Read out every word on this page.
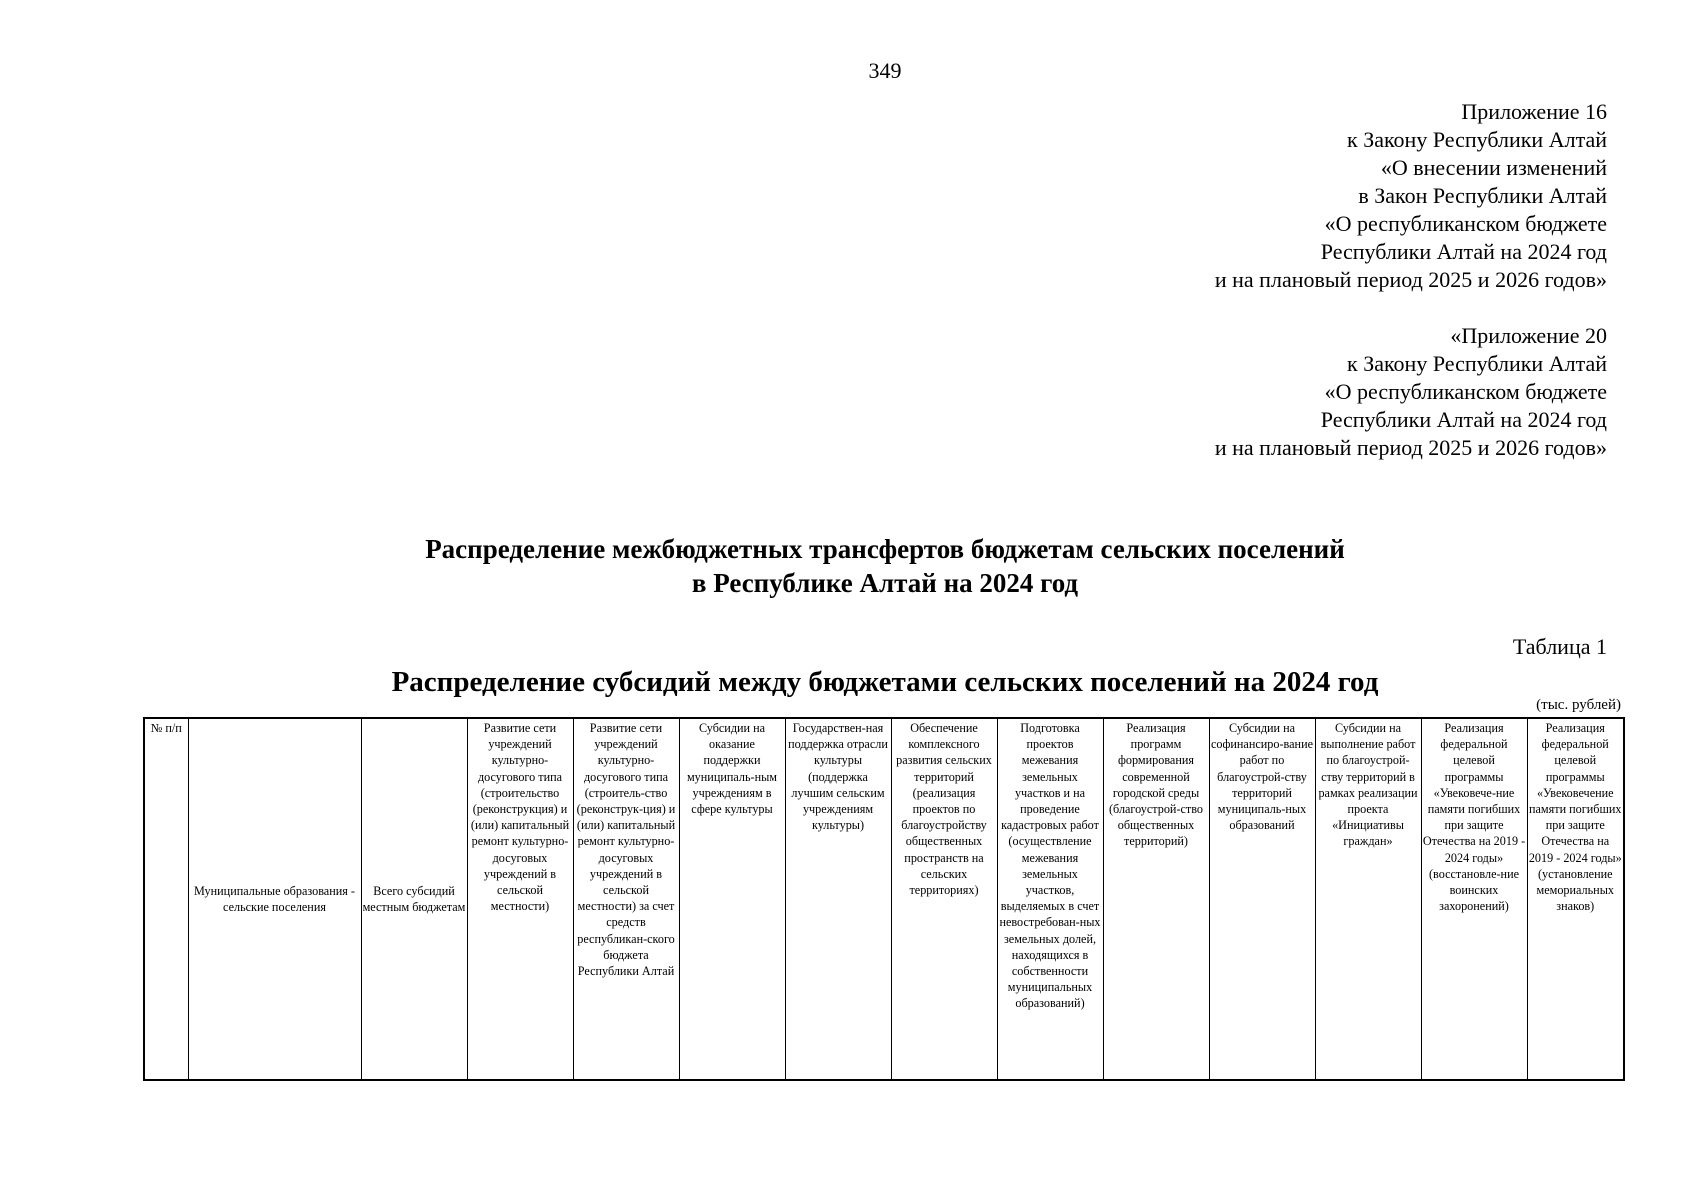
349
Приложение 16
к Закону Республики Алтай
«О внесении изменений
в Закон Республики Алтай
«О республиканском бюджете
Республики Алтай на 2024 год
и на плановый период 2025 и 2026 годов»
«Приложение 20
к Закону Республики Алтай
«О республиканском бюджете
Республики Алтай на 2024 год
и на плановый период 2025 и 2026 годов»
Распределение межбюджетных трансфертов бюджетам сельских поселений
в Республике Алтай на 2024 год
Таблица 1
Распределение субсидий между бюджетами сельских поселений на 2024 год
(тыс. рублей)
№ п/п	Муниципальные образования - сельские поселения	Всего субсидий местным бюджетам	Развитие сети учреждений культурно-досугового типа (строительство (реконструкция) и (или) капитальный ремонт культурно-досуговых учреждений в сельской местности)	Развитие сети учреждений культурно-досугового типа (строитель-ство (реконструк-ция) и (или) капитальный ремонт культурно-досуговых учреждений в сельской местности) за счет средств республикан-ского бюджета Республики Алтай	Субсидии на оказание поддержки муниципаль-ным учреждениям в сфере культуры	Государствен-ная поддержка отрасли культуры (поддержка лучшим сельским учреждениям культуры)	Обеспечение комплексного развития сельских территорий (реализация проектов по благоустройству общественных пространств на сельских территориях)	Подготовка проектов межевания земельных участков и на проведение кадастровых работ (осуществление межевания земельных участков, выделяемых в счет невостребован-ных земельных долей, находящихся в собственности муниципальных образований)	Реализация программ формирования современной городской среды (благоустрой-ство общественных территорий)	Субсидии на софинансиро-вание работ по благоустрой-ству территорий муниципаль-ных образований	Субсидии на выполнение работ по благоустрой-ству территорий в рамках реализации проекта «Инициативы граждан»	Реализация федеральной целевой программы «Увековече-ние памяти погибших при защите Отечества на 2019 - 2024 годы» (восстановле-ние воинских захоронений)	Реализация федеральной целевой программы «Увековечение памяти погибших при защите Отечества на 2019 - 2024 годы» (установление мемориальных знаков)
